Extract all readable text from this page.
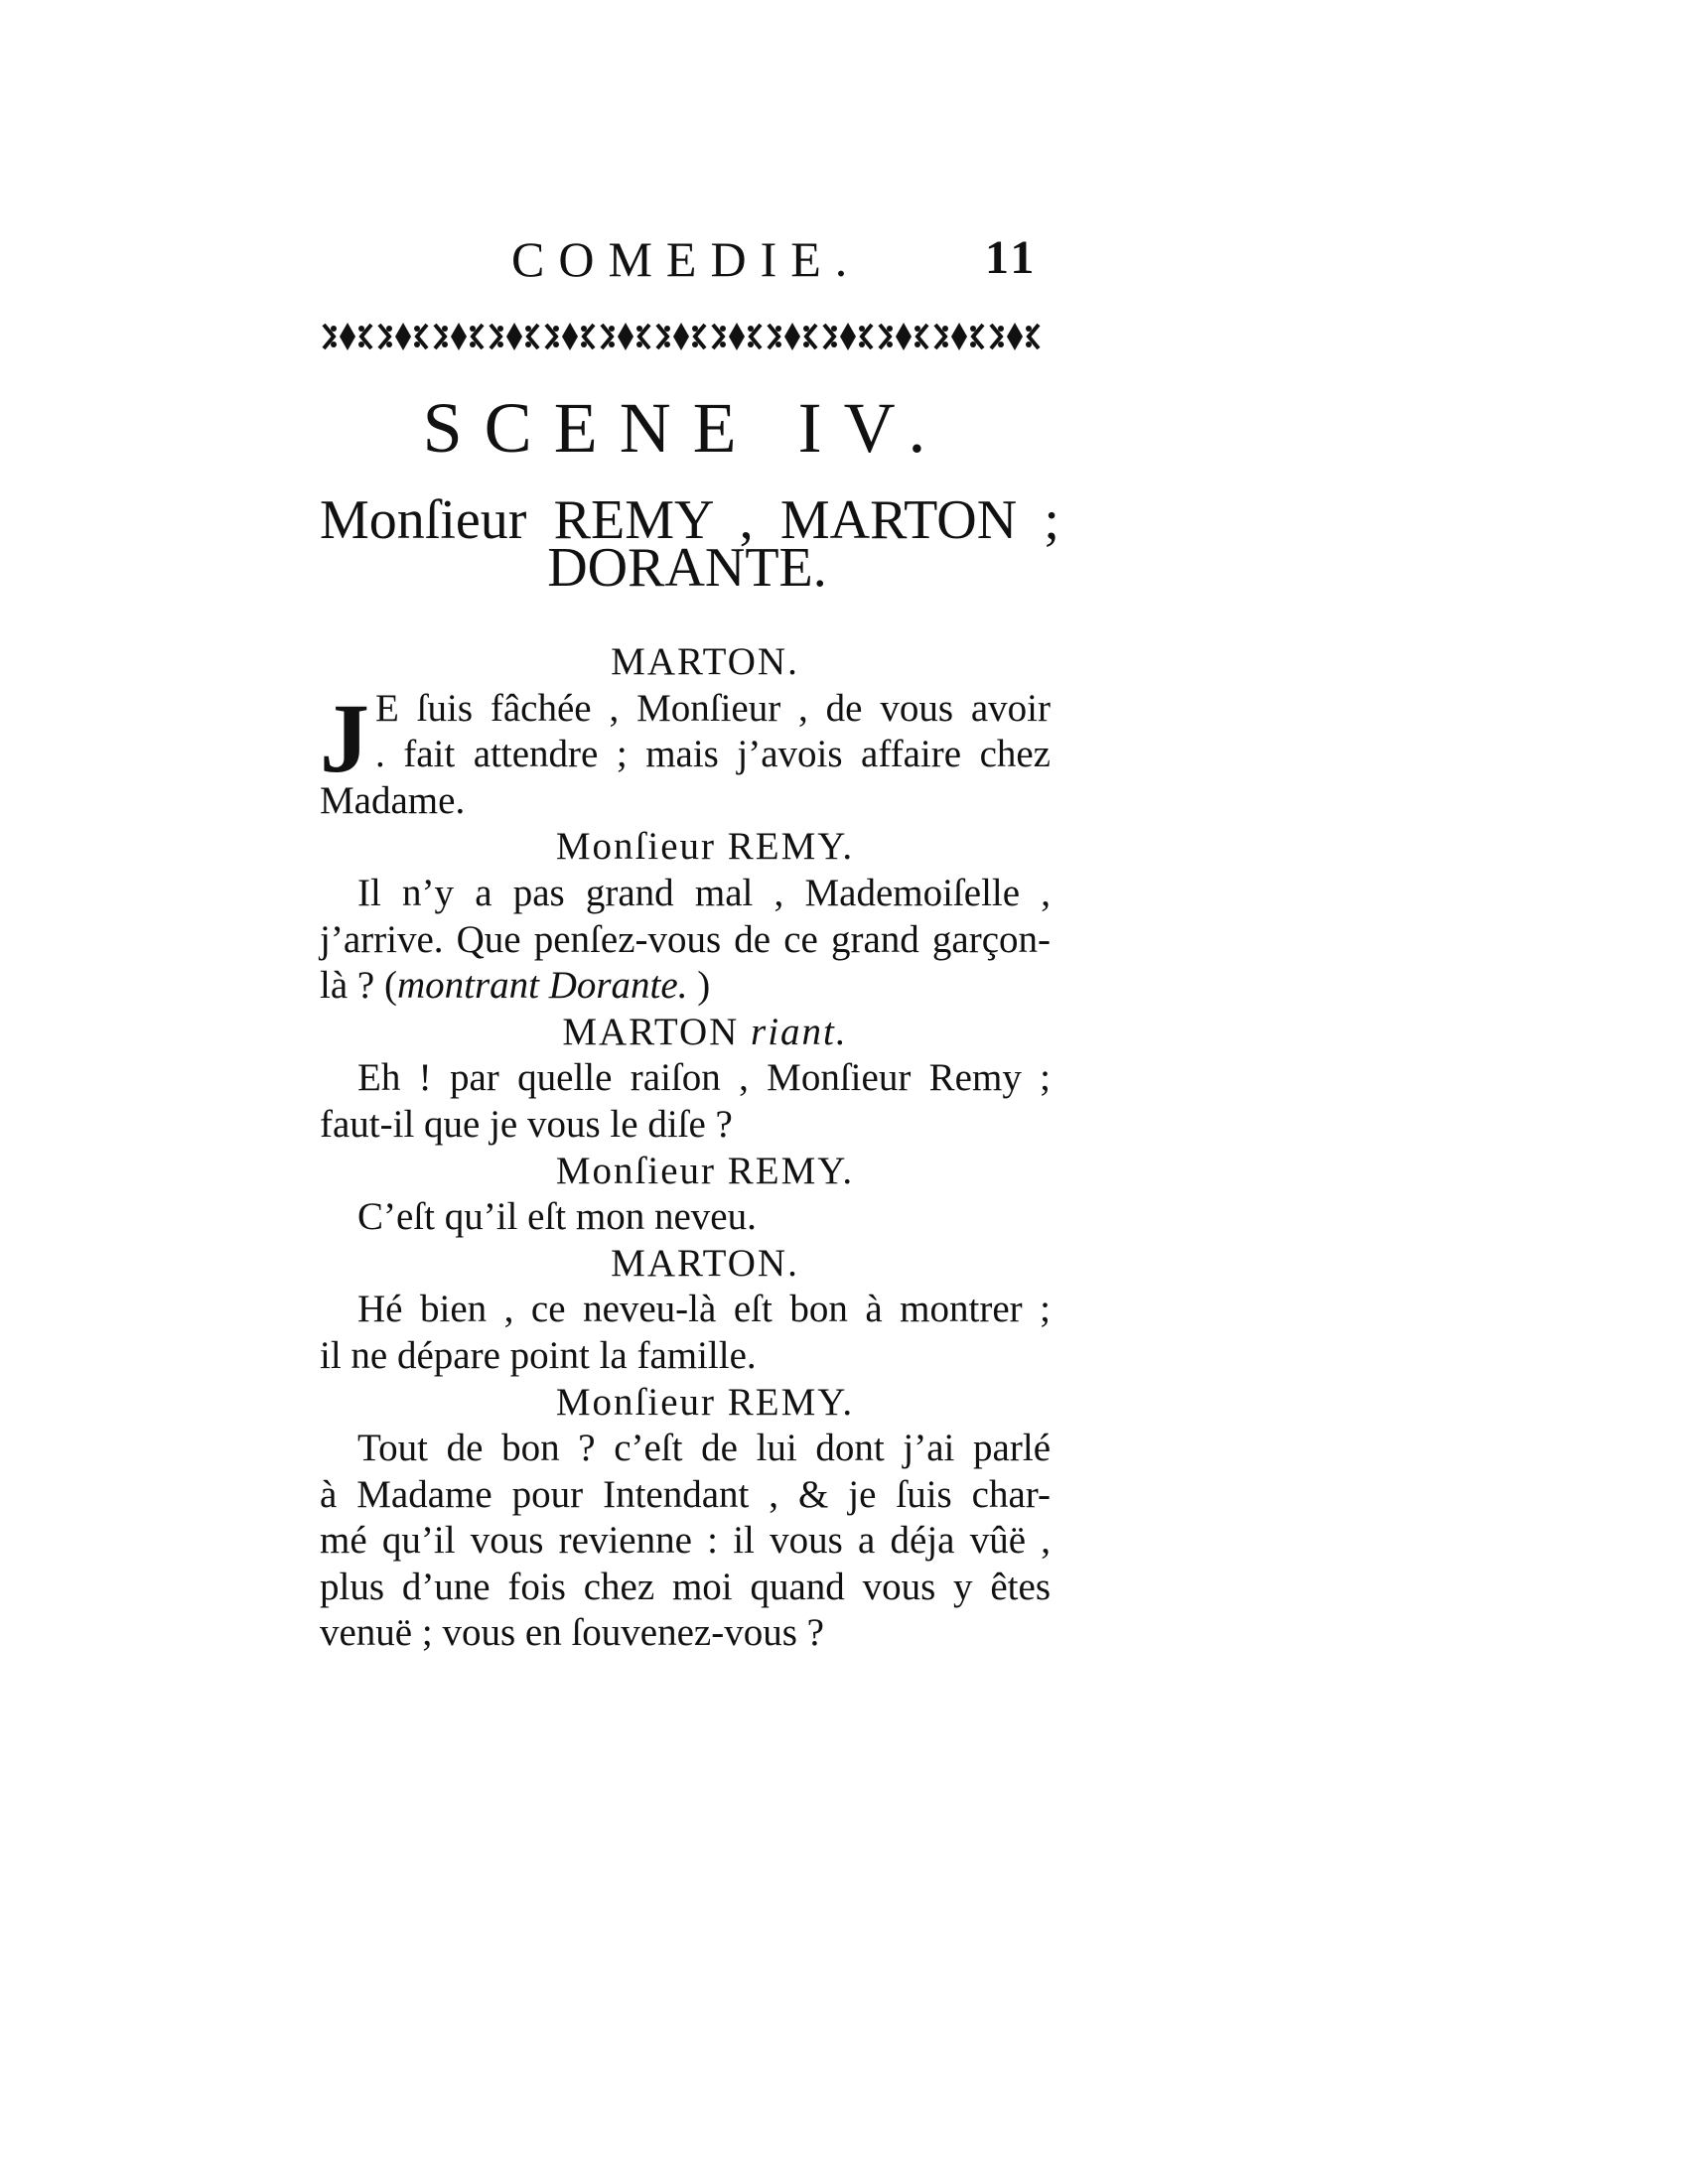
COMEDIE.	11
SCENE IV.
Monſieur REMY , MARTON ;
DORANTE.
J
MARTON.
E ſuis fâchée , Monſieur , de vous avoir
. fait attendre ; mais j’avois affaire chez
Madame.
Monſieur REMY.
Il n’y a pas grand mal , Mademoiſelle ,
j’arrive. Que penſez-vous de ce grand garçon-
là ? (montrant Dorante. )
MARTON riant.
Eh ! par quelle raiſon , Monſieur Remy ;
faut-il que je vous le diſe ?
Monſieur REMY.
C’eſt qu’il eſt mon neveu.
MARTON.
Hé bien , ce neveu-là eſt bon à montrer ;
il ne dépare point la famille.
Monſieur REMY.
Tout de bon ? c’eſt de lui dont j’ai parlé
à Madame pour Intendant , & je ſuis char-
mé qu’il vous revienne : il vous a déja vûë ,
plus d’une fois chez moi quand vous y êtes
venuë ; vous en ſouvenez-vous ?
